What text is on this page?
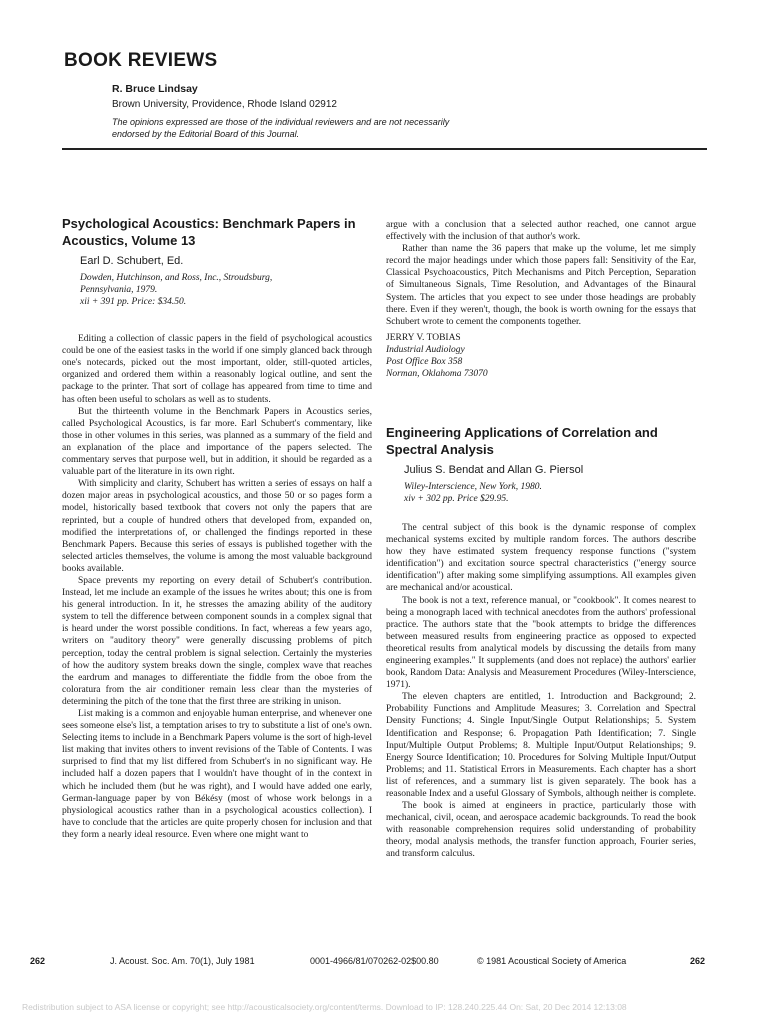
BOOK REVIEWS
R. Bruce Lindsay
Brown University, Providence, Rhode Island 02912
The opinions expressed are those of the individual reviewers and are not necessarily endorsed by the Editorial Board of this Journal.
Psychological Acoustics: Benchmark Papers in Acoustics, Volume 13
Earl D. Schubert, Ed.
Dowden, Hutchinson, and Ross, Inc., Stroudsburg,
Pennsylvania, 1979.
xii + 391 pp. Price: $34.50.

Editing a collection of classic papers in the field of psychological acoustics could be one of the easiest tasks in the world if one simply glanced back through one's notecards, picked out the most important, older, still-quoted articles, organized and ordered them within a reasonably logical outline, and sent the package to the printer. That sort of collage has appeared from time to time and has often been useful to scholars as well as to students.

But the thirteenth volume in the Benchmark Papers in Acoustics series, called Psychological Acoustics, is far more. Earl Schubert's commentary, like those in other volumes in this series, was planned as a summary of the field and an explanation of the place and importance of the papers selected. The commentary serves that purpose well, but in addition, it should be regarded as a valuable part of the literature in its own right.

With simplicity and clarity, Schubert has written a series of essays on half a dozen major areas in psychological acoustics, and those 50 or so pages form a model, historically based textbook that covers not only the papers that are reprinted, but a couple of hundred others that developed from, expanded on, modified the interpretations of, or challenged the findings reported in these Benchmark Papers. Because this series of essays is published together with the selected articles themselves, the volume is among the most valuable background books available.

Space prevents my reporting on every detail of Schubert's contribution. Instead, let me include an example of the issues he writes about; this one is from his general introduction. In it, he stresses the amazing ability of the auditory system to tell the difference between component sounds in a complex signal that is heard under the worst possible conditions. In fact, whereas a few years ago, writers on "auditory theory" were generally discussing problems of pitch perception, today the central problem is signal selection. Certainly the mysteries of how the auditory system breaks down the single, complex wave that reaches the eardrum and manages to differentiate the fiddle from the oboe from the coloratura from the air conditioner remain less clear than the mysteries of determining the pitch of the tone that the first three are striking in unison.

List making is a common and enjoyable human enterprise, and whenever one sees someone else's list, a temptation arises to try to substitute a list of one's own. Selecting items to include in a Benchmark Papers volume is the sort of high-level list making that invites others to invent revisions of the Table of Contents. I was surprised to find that my list differed from Schubert's in no significant way. He included half a dozen papers that I wouldn't have thought of in the context in which he included them (but he was right), and I would have added one early, German-language paper by von Békésy (most of whose work belongs in a physiological acoustics rather than in a psychological acoustics collection). I have to conclude that the articles are quite properly chosen for inclusion and that they form a nearly ideal resource. Even where one might want to

argue with a conclusion that a selected author reached, one cannot argue effectively with the inclusion of that author's work.

Rather than name the 36 papers that make up the volume, let me simply record the major headings under which those papers fall: Sensitivity of the Ear, Classical Psychoacoustics, Pitch Mechanisms and Pitch Perception, Separation of Simultaneous Signals, Time Resolution, and Advantages of the Binaural System. The articles that you expect to see under those headings are probably there. Even if they weren't, though, the book is worth owning for the essays that Schubert wrote to cement the components together.

JERRY V. TOBIAS
Industrial Audiology
Post Office Box 358
Norman, Oklahoma 73070
Engineering Applications of Correlation and Spectral Analysis
Julius S. Bendat and Allan G. Piersol
Wiley-Interscience, New York, 1980.
xiv + 302 pp. Price $29.95.

The central subject of this book is the dynamic response of complex mechanical systems excited by multiple random forces. The authors describe how they have estimated system frequency response functions ("system identification") and excitation source spectral characteristics ("energy source identification") after making some simplifying assumptions. All examples given are mechanical and/or acoustical.

The book is not a text, reference manual, or "cookbook". It comes nearest to being a monograph laced with technical anecdotes from the authors' professional practice. The authors state that the "book attempts to bridge the differences between measured results from engineering practice as opposed to expected theoretical results from analytical models by discussing the details from many engineering examples." It supplements (and does not replace) the authors' earlier book, Random Data: Analysis and Measurement Procedures (Wiley-Interscience, 1971).

The eleven chapters are entitled, 1. Introduction and Background; 2. Probability Functions and Amplitude Measures; 3. Correlation and Spectral Density Functions; 4. Single Input/Single Output Relationships; 5. System Identification and Response; 6. Propagation Path Identification; 7. Single Input/Multiple Output Problems; 8. Multiple Input/Output Relationships; 9. Energy Source Identification; 10. Procedures for Solving Multiple Input/Output Problems; and 11. Statistical Errors in Measurements. Each chapter has a short list of references, and a summary list is given separately. The book has a reasonable Index and a useful Glossary of Symbols, although neither is complete.

The book is aimed at engineers in practice, particularly those with mechanical, civil, ocean, and aerospace academic backgrounds. To read the book with reasonable comprehension requires solid understanding of probability theory, modal analysis methods, the transfer function approach, Fourier series, and transform calculus.

262	J. Acoust. Soc. Am. 70(1), July 1981	0001-4966/81/070262-02$00.80	© 1981 Acoustical Society of America	262
Redistribution subject to ASA license or copyright; see http://acousticalsociety.org/content/terms. Download to IP: 128.240.225.44 On: Sat, 20 Dec 2014 12:13:08
